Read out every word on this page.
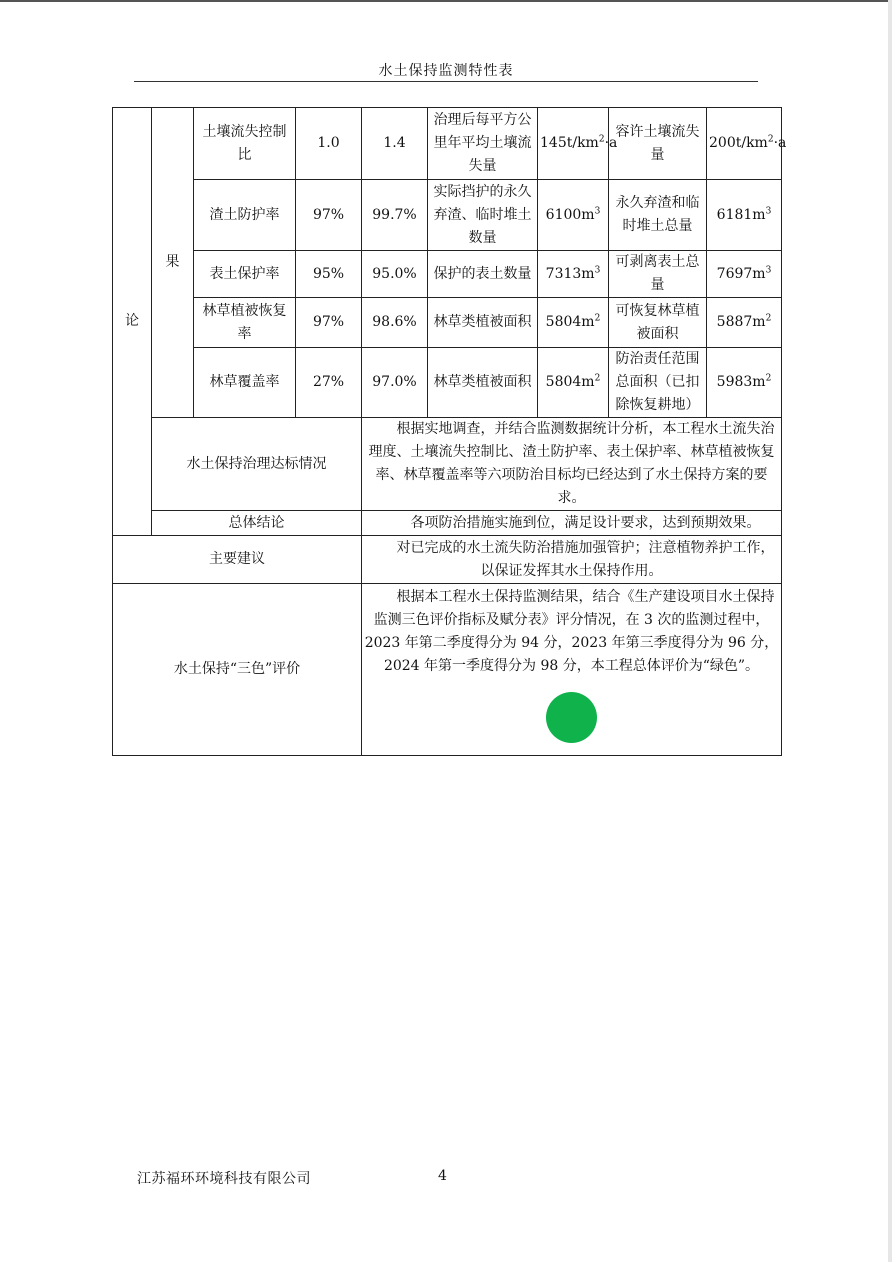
水土保持监测特性表
论	果	土壤流失控制比	1.0	1.4	治理后每平方公里年平均土壤流失量	$145t/km^2\cdot a$	容许土壤流失量	$200t/km^2\cdot a$
		渣土防护率	97%	99.7%	实际挡护的永久弃渣、临时堆土数量	$6100m^3$	永久弃渣和临时堆土总量	$6181m^3$
		表土保护率	95%	95.0%	保护的表土数量	$7313m^3$	可剥离表土总量	$7697m^3$
		林草植被恢复率	97%	98.6%	林草类植被面积	$5804m^2$	可恢复林草植被面积	$5887m^2$
		林草覆盖率	27%	97.0%	林草类植被面积	$5804m^2$	防治责任范围总面积（已扣除恢复耕地）	$5983m^2$
	水土保持治理达标情况			根据实地调查，并结合监测数据统计分析，本工程水土流失治理度、土壤流失控制比、渣土防护率、表土保护率、林草植被恢复率、林草覆盖率等六项防治目标均已经达到了水土保持方案的要求。				

	总体结论			各项防治措施实施到位，满足设计要求，达到预期效果。				

主要建议				对已完成的水土流失防治措施加强管护；注意植物养护工作，以保证发挥其水土保持作用。				

水土保持“三色”评价				根据本工程水土保持监测结果，结合《生产建设项目水土保持监测三色评价指标及赋分表》评分情况，在 3 次的监测过程中，2023 年第二季度得分为 94 分，2023 年第三季度得分为 96 分，2024 年第一季度得分为 98 分，本工程总体评价为“绿色”。				
江苏福环环境科技有限公司	4
